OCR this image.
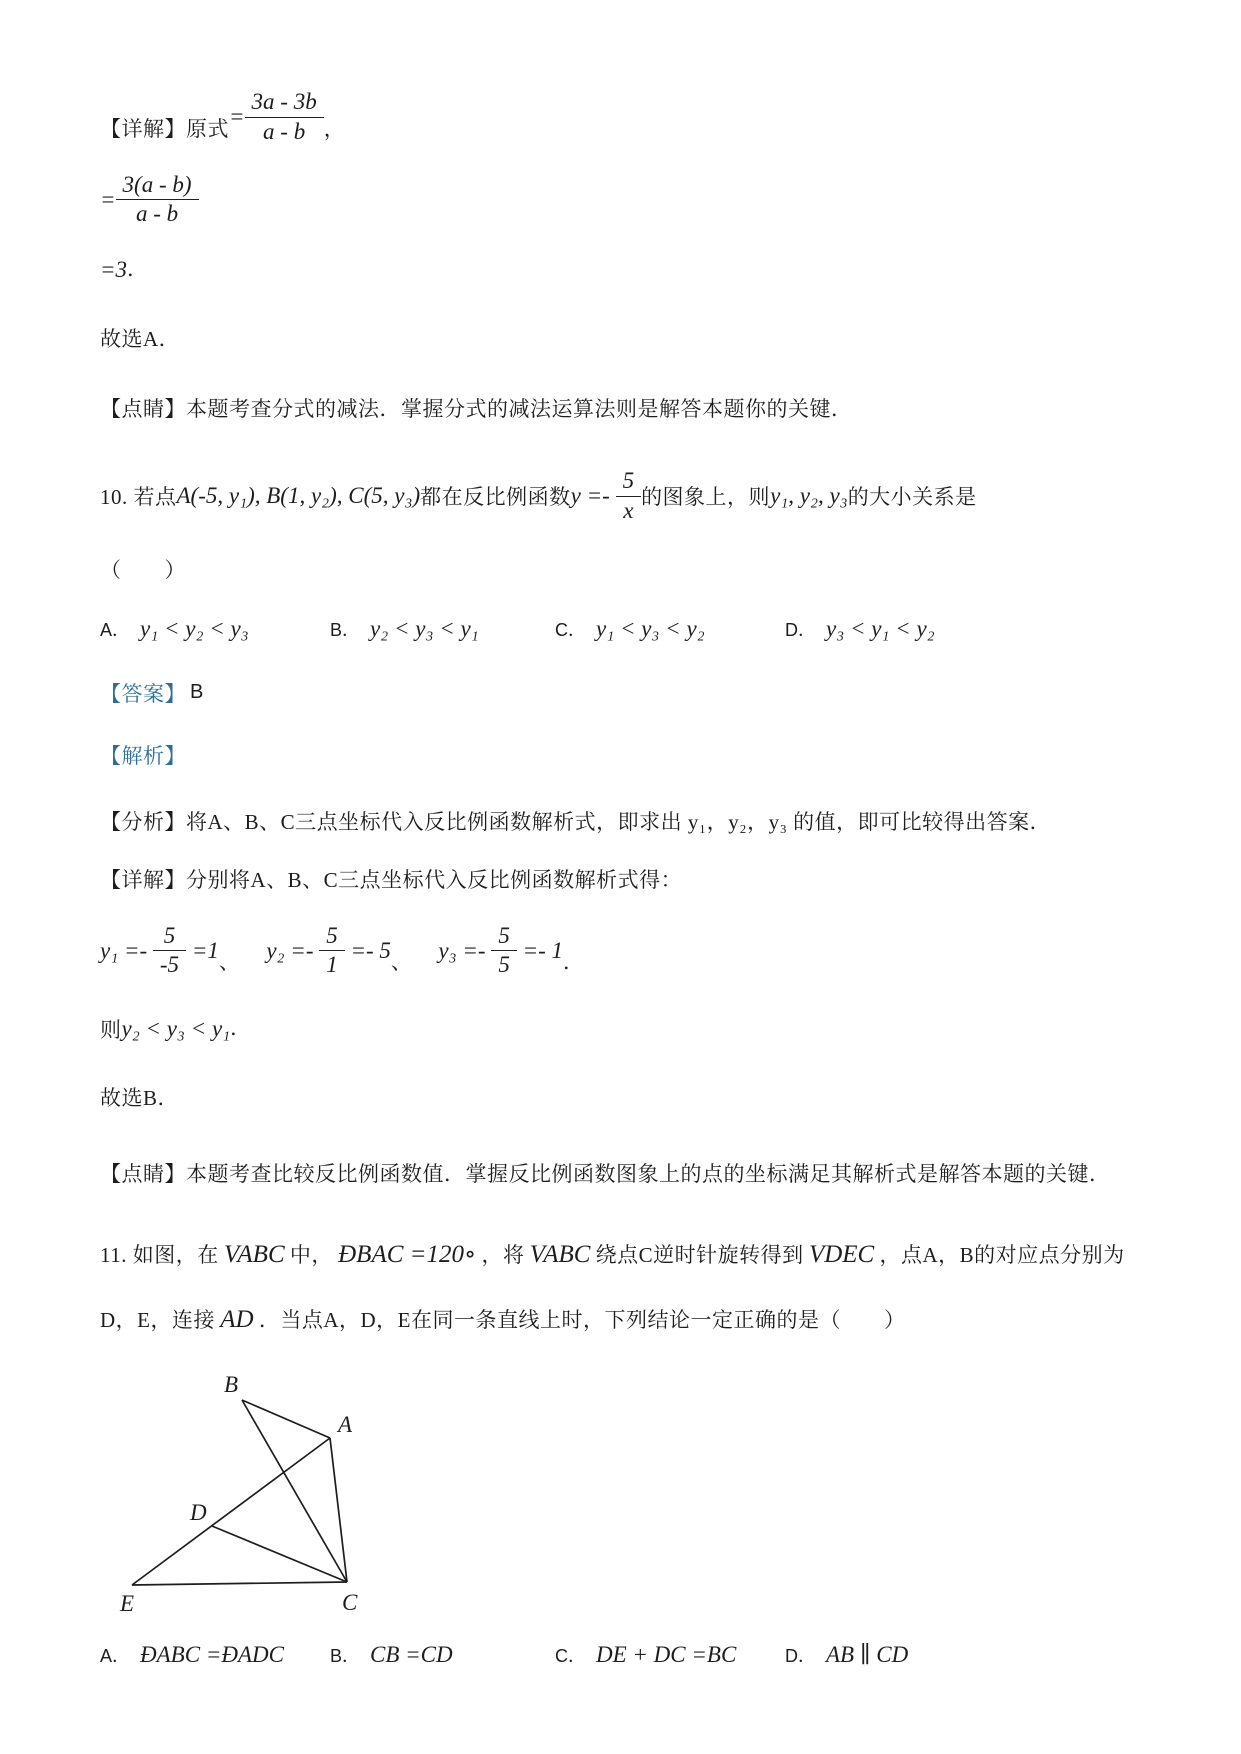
【详解】原式 = $\frac{3a - 3b}{a - b}$ ，
= $\frac{3(a - b)}{a - b}$
=3 ．
故选A．
【点睛】本题考查分式的减法．掌握分式的减法运算法则是解答本题你的关键．
10. 若点 A(-5, y₁), B(1, y₂), C(5, y₃) 都在反比例函数 $y =- \frac{5}{x}$ 的图象上，则 y₁, y₂, y₃ 的大小关系是
（　　）
A． y₁ < y₂ < y₃	B． y₂ < y₃ < y₁	C． y₁ < y₃ < y₂	D． y₃ < y₁ < y₂
【答案】 B
【解析】
【分析】将A、B、C三点坐标代入反比例函数解析式，即求出 y₁，y₂，y₃ 的值，即可比较得出答案．
【详解】分别将A、B、C三点坐标代入反比例函数解析式得：
$y_1 =- \frac{5}{-5} =1$ 、 $y_2 =- \frac{5}{1} =- 5$ 、 $y_3 =- \frac{5}{5} =- 1$ ．
则 y₂ < y₃ < y₁ ．
故选B．
【点睛】本题考查比较反比例函数值．掌握反比例函数图象上的点的坐标满足其解析式是解答本题的关键．
11. 如图，在 VABC 中， ÐBAC =120∘ ，将 VABC 绕点C逆时针旋转得到 VDEC ，点A，B的对应点分别为D，E，连接 AD ．当点A，D，E在同一条直线上时，下列结论一定正确的是（　　）
B
A
D
E	C
A． ÐABC =ÐADC	B． CB =CD	C． DE + DC =BC	D． AB ∥ CD
